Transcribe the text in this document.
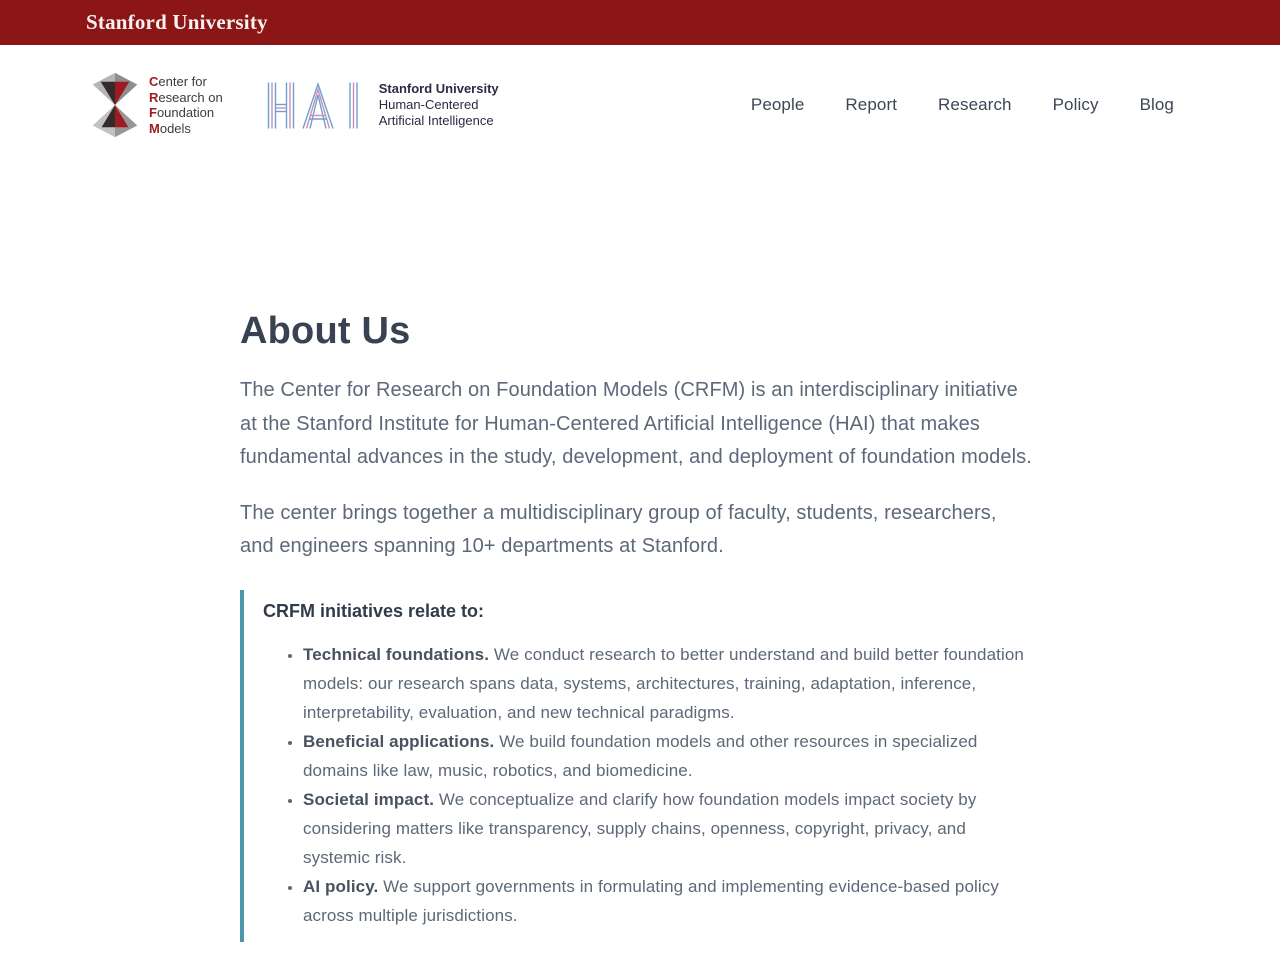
Stanford University
Center for
Research on
Foundation
Models
Stanford University
Human-Centered
Artificial Intelligence
People Report Research Policy Blog
About Us

The Center for Research on Foundation Models (CRFM) is an interdisciplinary initiative at the Stanford Institute for Human-Centered Artificial Intelligence (HAI) that makes fundamental advances in the study, development, and deployment of foundation models.

The center brings together a multidisciplinary group of faculty, students, researchers, and engineers spanning 10+ departments at Stanford.

CRFM initiatives relate to:
• Technical foundations. We conduct research to better understand and build better foundation models: our research spans data, systems, architectures, training, adaptation, inference, interpretability, evaluation, and new technical paradigms.
• Beneficial applications. We build foundation models and other resources in specialized domains like law, music, robotics, and biomedicine.
• Societal impact. We conceptualize and clarify how foundation models impact society by considering matters like transparency, supply chains, openness, copyright, privacy, and systemic risk.
• AI policy. We support governments in formulating and implementing evidence-based policy across multiple jurisdictions.
